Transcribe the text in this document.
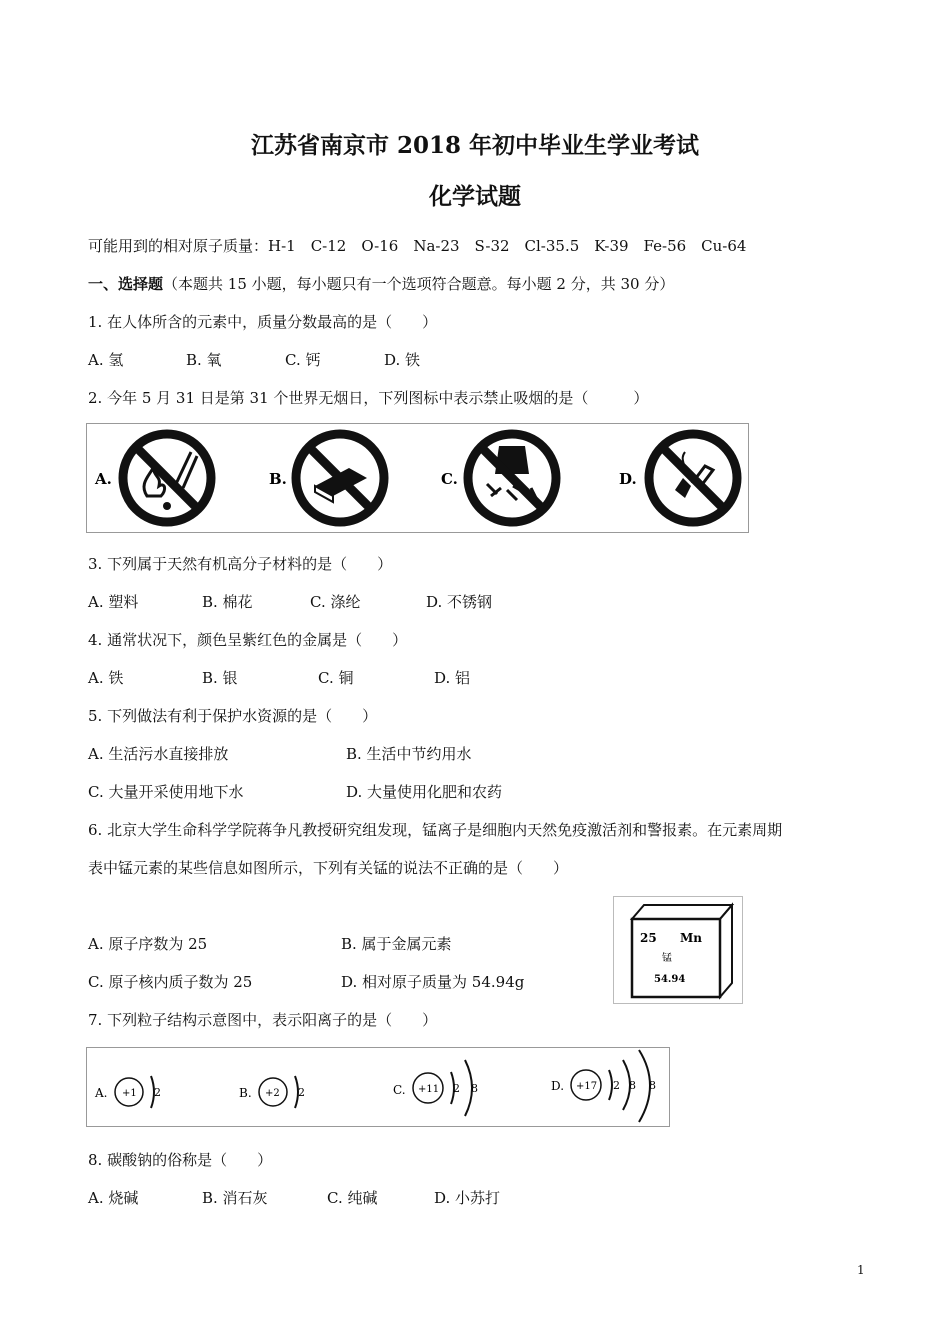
江苏省南京市 2018 年初中毕业生学业考试
化学试题
可能用到的相对原子质量：H-1　C-12　O-16　Na-23　S-32　Cl-35.5　K-39　Fe-56　Cu-64
一、选择题（本题共 15 小题，每小题只有一个选项符合题意。每小题 2 分，共 30 分）
1. 在人体所含的元素中，质量分数最高的是（　　）
A. 氢	B. 氧	C. 钙	D. 铁
2. 今年 5 月 31 日是第 31 个世界无烟日，下列图标中表示禁止吸烟的是（　　　）
A.	B.	C.	D.
3. 下列属于天然有机高分子材料的是（　　）
A. 塑料	B. 棉花	C. 涤纶	D. 不锈钢
4. 通常状况下，颜色呈紫红色的金属是（　　）
A. 铁	B. 银	C. 铜	D. 铝
5. 下列做法有利于保护水资源的是（　　）
A. 生活污水直接排放	B. 生活中节约用水
C. 大量开采使用地下水	D. 大量使用化肥和农药
6. 北京大学生命科学学院蒋争凡教授研究组发现，锰离子是细胞内天然免疫激活剂和警报素。在元素周期
表中锰元素的某些信息如图所示，下列有关锰的说法不正确的是（　　）
A. 原子序数为 25	B. 属于金属元素
C. 原子核内质子数为 25	D. 相对原子质量为 54.94g
25 Mn
锰
54.94
7. 下列粒子结构示意图中，表示阳离子的是（　　）
A. +1 2	B. +2 2	C. +11 2 8	D. +17 2 8 8
8. 碳酸钠的俗称是（　　）
A. 烧碱	B. 消石灰	C. 纯碱	D. 小苏打
1
